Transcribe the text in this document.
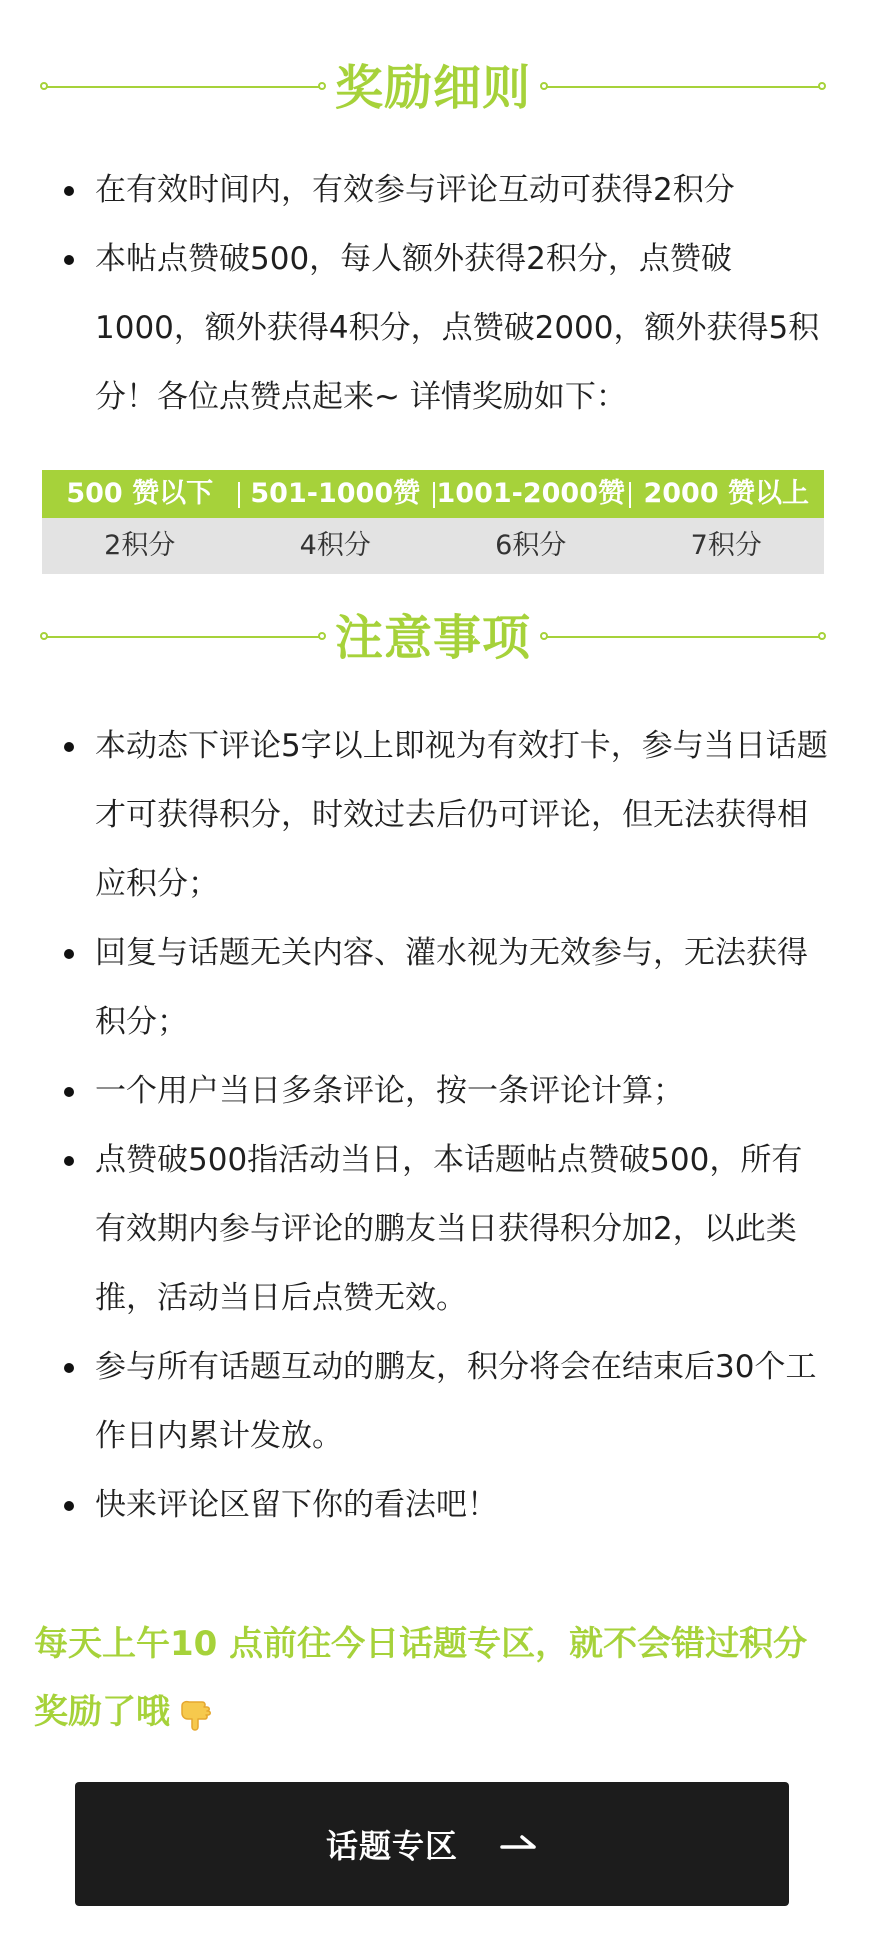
奖励细则
在有效时间内，有效参与评论互动可获得2积分
本帖点赞破500，每人额外获得2积分，点赞破1000，额外获得4积分，点赞破2000，额外获得5积分！各位点赞点起来~ 详情奖励如下：
500 赞以下	501-1000赞 1001-2000赞 2000 赞以上
2积分	4积分	6积分	7积分
注意事项
本动态下评论5字以上即视为有效打卡，参与当日话题才可获得积分，时效过去后仍可评论，但无法获得相应积分；
回复与话题无关内容、灌水视为无效参与，无法获得积分；
一个用户当日多条评论，按一条评论计算；
点赞破500指活动当日，本话题帖点赞破500，所有有效期内参与评论的鹏友当日获得积分加2，以此类推，活动当日后点赞无效。
参与所有话题互动的鹏友，积分将会在结束后30个工作日内累计发放。
快来评论区留下你的看法吧！
每天上午10 点前往今日话题专区，就不会错过积分奖励了哦
话题专区
